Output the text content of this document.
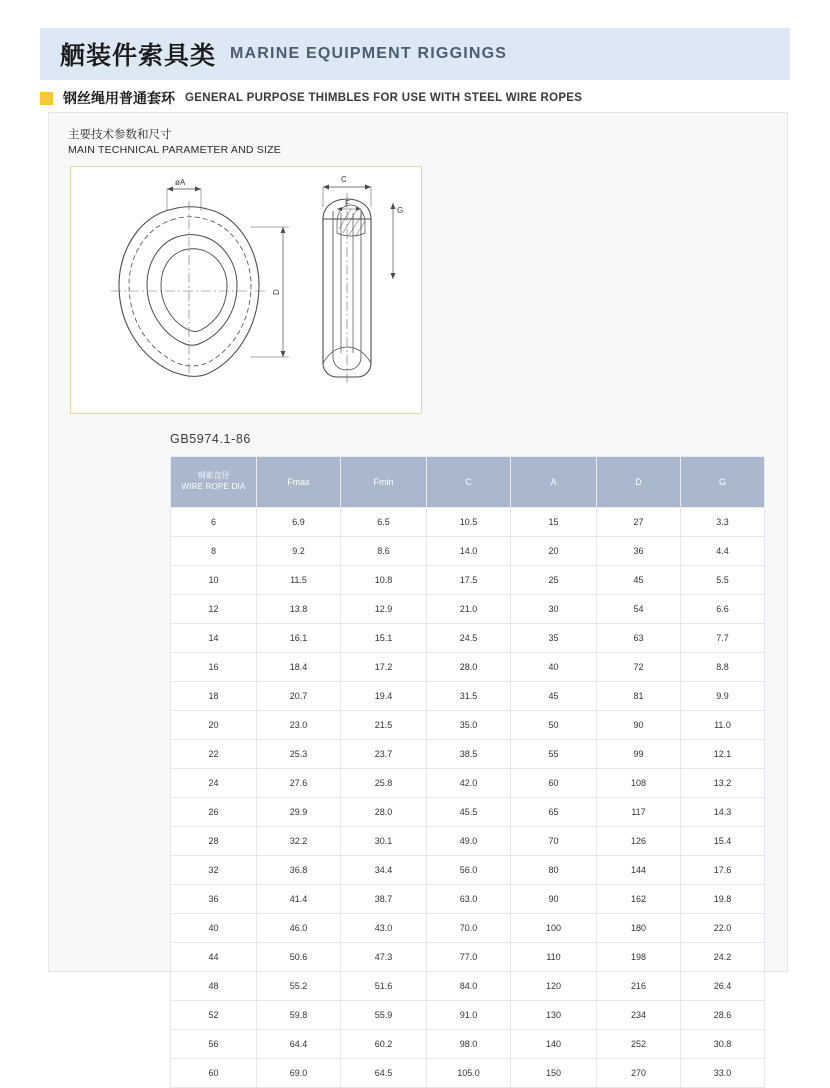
舾装件索具类 MARINE EQUIPMENT RIGGINGS
钢丝绳用普通套环 GENERAL PURPOSE THIMBLES FOR USE WITH STEEL WIRE ROPES
主要技术参数和尺寸
MAIN TECHNICAL PARAMETER AND SIZE
øA	C
F
G
D
GB5974.1-86
钢索直径
WIRE ROPE DIA	Fmax	Fmin	C	A	D	G
6	6.9	6.5	10.5	15	27	3.3
8	9.2	8.6	14.0	20	36	4.4
10	11.5	10.8	17.5	25	45	5.5
12	13.8	12.9	21.0	30	54	6.6
14	16.1	15.1	24.5	35	63	7.7
16	18.4	17.2	28.0	40	72	8.8
18	20.7	19.4	31.5	45	81	9.9
20	23.0	21.5	35.0	50	90	11.0
22	25.3	23.7	38.5	55	99	12.1
24	27.6	25.8	42.0	60	108	13.2
26	29.9	28.0	45.5	65	117	14.3
28	32.2	30.1	49.0	70	126	15.4
32	36.8	34.4	56.0	80	144	17.6
36	41.4	38.7	63.0	90	162	19.8
40	46.0	43.0	70.0	100	180	22.0
44	50.6	47.3	77.0	110	198	24.2
48	55.2	51.6	84.0	120	216	26.4
52	59.8	55.9	91.0	130	234	28.6
56	64.4	60.2	98.0	140	252	30.8
60	69.0	64.5	105.0	150	270	33.0
